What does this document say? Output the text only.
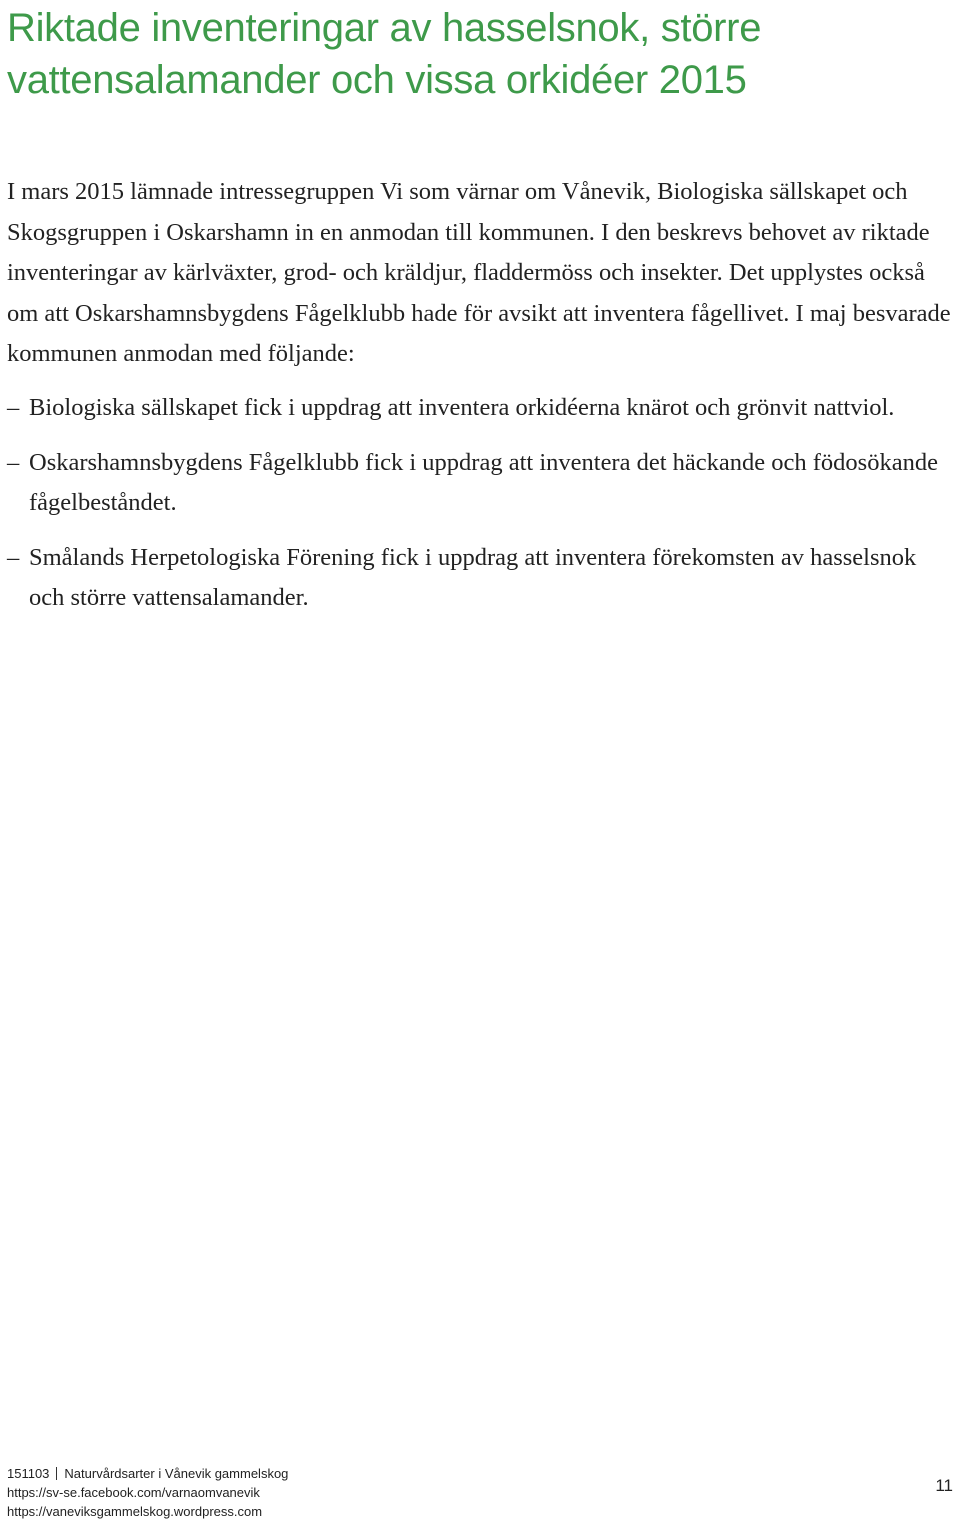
Riktade inventeringar av hasselsnok, större vattensalamander och vissa orkidéer 2015

I mars 2015 lämnade intressegruppen Vi som värnar om Vånevik, Biologiska sällskapet och Skogsgruppen i Oskarshamn in en anmodan till kommunen. I den beskrevs behovet av riktade inventeringar av kärlväxter, grod- och kräldjur, fladdermöss och insekter. Det upplystes också om att Oskarshamnsbygdens Fågelklubb hade för avsikt att inventera fågellivet. I maj besvarade kommunen anmodan med följande:

– Biologiska sällskapet fick i uppdrag att inventera orkidéerna knärot och grönvit nattviol.
– Oskarshamnsbygdens Fågelklubb fick i uppdrag att inventera det häckande och födosökande fågelbeståndet.
– Smålands Herpetologiska Förening fick i uppdrag att inventera förekomsten av hasselsnok och större vattensalamander.
151103 Naturvårdsarter i Vånevik gammelskog
https://sv-se.facebook.com/varnaomvanevik
https://vaneviksgammelskog.wordpress.com
11
